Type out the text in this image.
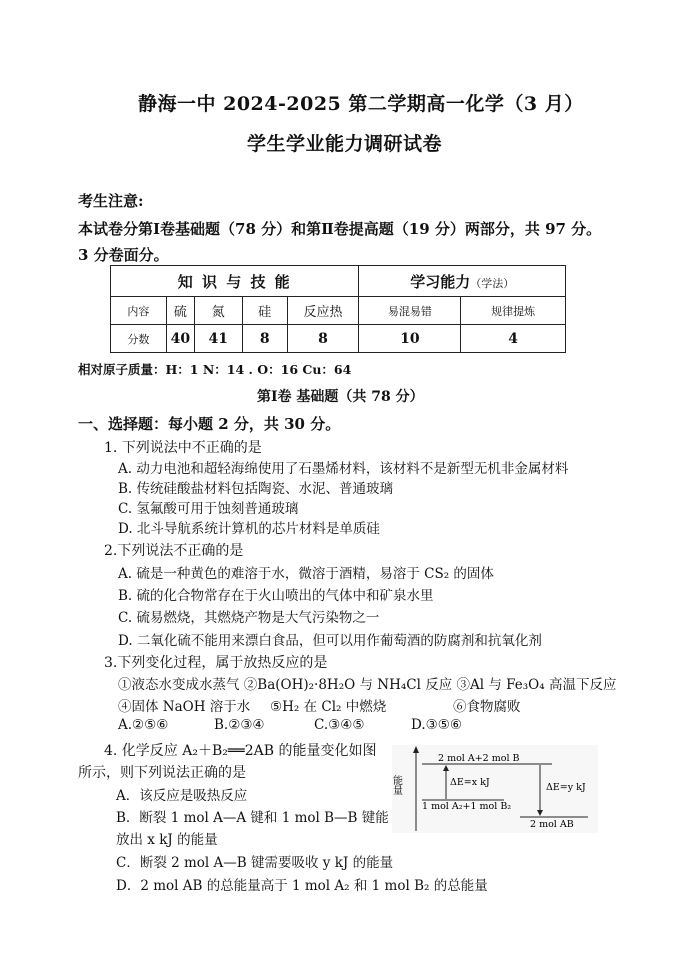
静海一中 2024-2025 第二学期高一化学（3 月）
学生学业能力调研试卷
考生注意:
本试卷分第Ⅰ卷基础题（78 分）和第Ⅱ卷提高题（19 分）两部分，共 97 分。
3 分卷面分。
知 识 与 技 能					学习能力（学法）	
内容	硫	氮	硅	反应热	易混易错	规律提炼
分数	40	41	8	8	10	4
相对原子质量：H：1 N：14 . O：16 Cu：64
第Ⅰ卷 基础题（共 78 分）
一、选择题：每小题 2 分，共 30 分。
1. 下列说法中不正确的是
A. 动力电池和超轻海绵使用了石墨烯材料，该材料不是新型无机非金属材料
B. 传统硅酸盐材料包括陶瓷、水泥、普通玻璃
C. 氢氟酸可用于蚀刻普通玻璃
D. 北斗导航系统计算机的芯片材料是单质硅
2.下列说法不正确的是
A. 硫是一种黄色的难溶于水，微溶于酒精，易溶于 CS₂ 的固体
B. 硫的化合物常存在于火山喷出的气体中和矿泉水里
C. 硫易燃烧，其燃烧产物是大气污染物之一
D. 二氧化硫不能用来漂白食品，但可以用作葡萄酒的防腐剂和抗氧化剂
3.下列变化过程，属于放热反应的是
①液态水变成水蒸气 ②Ba(OH)₂·8H₂O 与 NH₄Cl 反应 ③Al 与 Fe₃O₄ 高温下反应
④固体 NaOH 溶于水 ⑤H₂ 在 Cl₂ 中燃烧	⑥食物腐败
A.②⑤⑥	B.②③④	C.③④⑤	D.③⑤⑥
4. 化学反应 A₂＋B₂══2AB 的能量变化如图
所示，则下列说法正确的是
A．该反应是吸热反应
B．断裂 1 mol A—A 键和 1 mol B—B 键能
放出 x kJ 的能量
C．断裂 2 mol A—B 键需要吸收 y kJ 的能量
D．2 mol AB 的总能量高于 1 mol A₂ 和 1 mol B₂ 的总能量
能量
2 mol A+2 mol B
1 mol A₂+1 mol B₂
2 mol AB
ΔE=x kJ	ΔE=y kJ
